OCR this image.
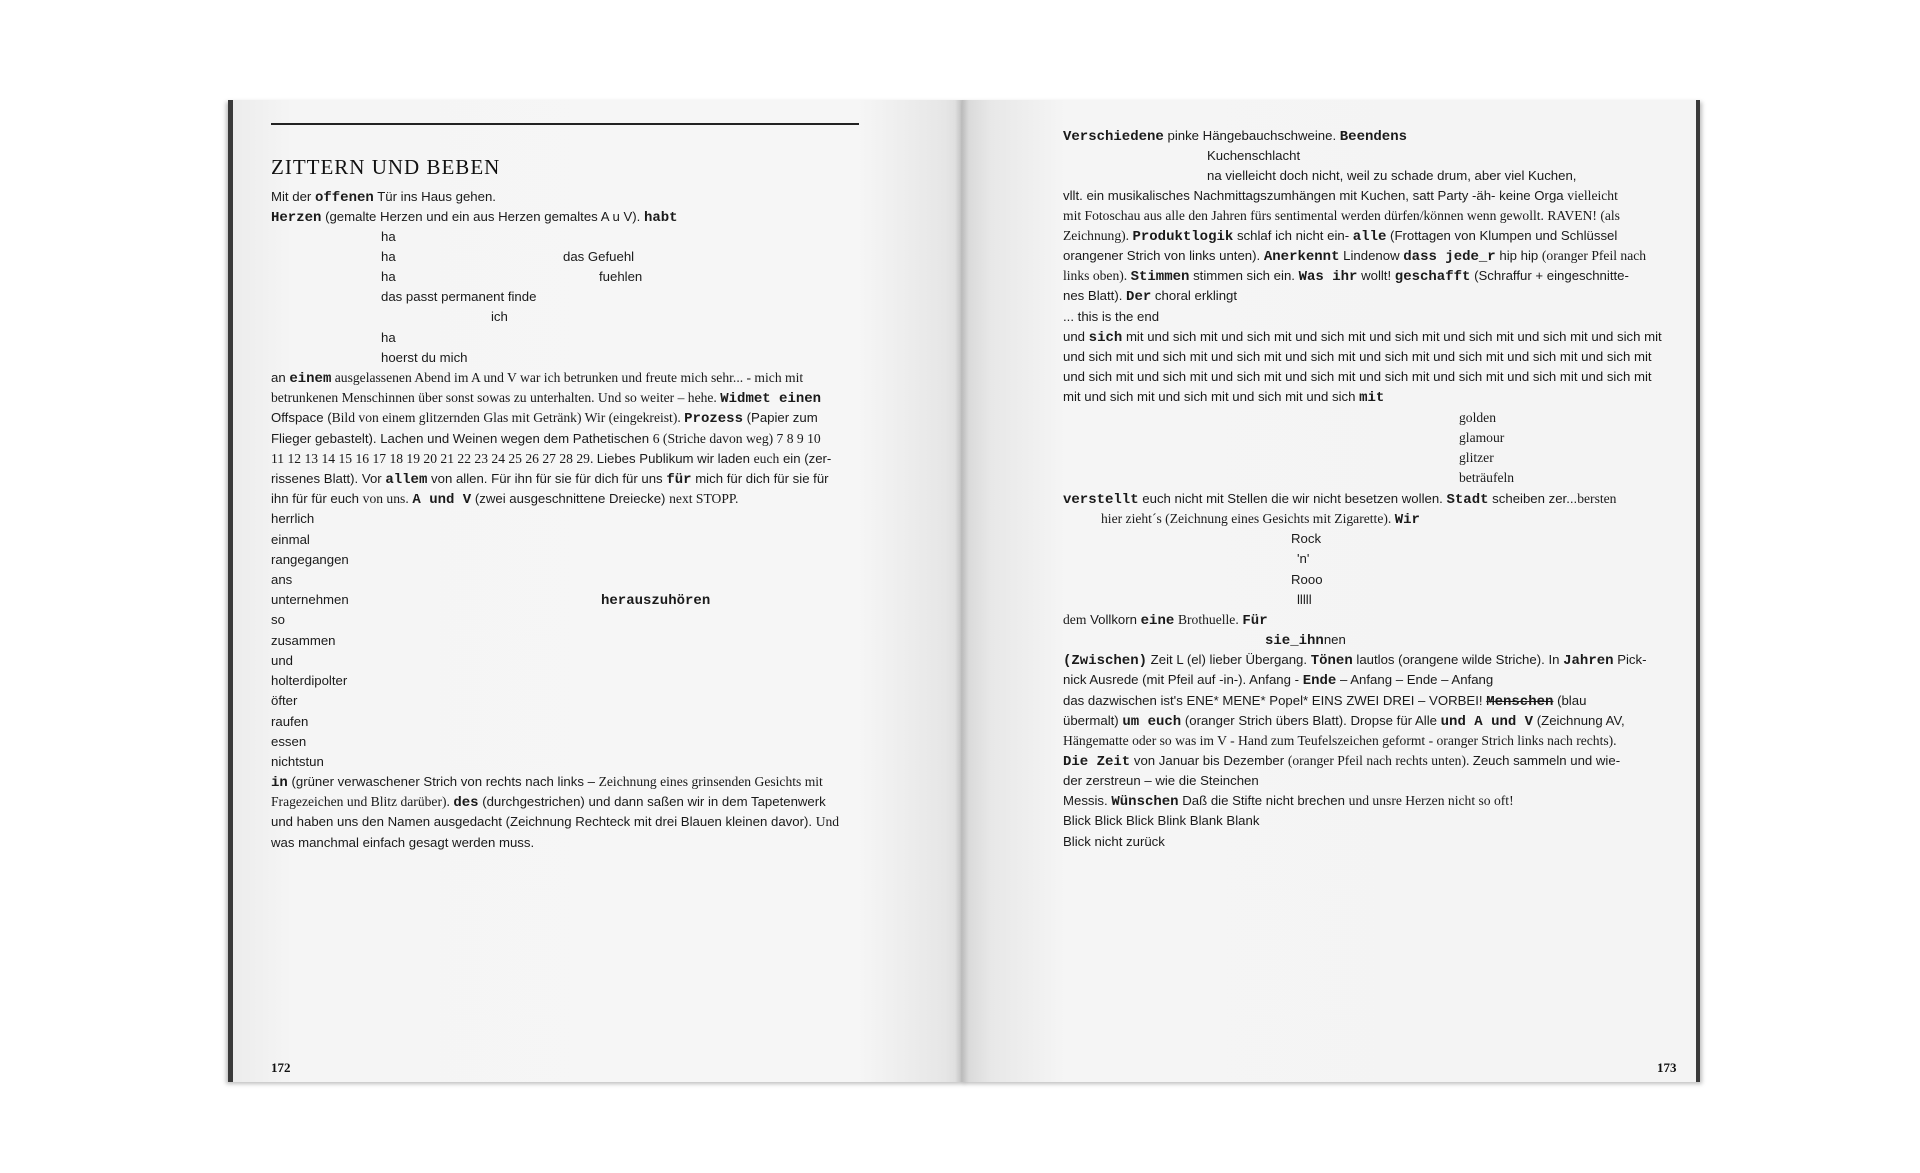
ZITTERN UND BEBEN
Mit der offenen Tür ins Haus gehen.
Herzen (gemalte Herzen und ein aus Herzen gemaltes A u V). habt
ha
ha	das Gefuehl
ha	fuehlen
das passt permanent finde
ich
ha
hoerst du mich
an einem ausgelassenen Abend im A und V war ich betrunken und freute mich sehr... - mich mit
betrunkenen Menschinnen über sonst sowas zu unterhalten. Und so weiter – hehe. Widmet einen
Offspace (Bild von einem glitzernden Glas mit Getränk) Wir (eingekreist). Prozess (Papier zum
Flieger gebastelt). Lachen und Weinen wegen dem Pathetischen 6 (Striche davon weg) 7 8 9 10
11 12 13 14 15 16 17 18 19 20 21 22 23 24 25 26 27 28 29. Liebes Publikum wir laden euch ein (zer-
rissenes Blatt). Vor allem von allen. Für ihn für sie für dich für uns für mich für dich für sie für
ihn für für euch von uns. A und V (zwei ausgeschnittene Dreiecke) next STOPP.
herrlich
einmal
rangegangen
ans
unternehmen	herauszuhören
so
zusammen
und
holterdipolter
öfter
raufen
essen
nichtstun
in (grüner verwaschener Strich von rechts nach links – Zeichnung eines grinsenden Gesichts mit
Fragezeichen und Blitz darüber). des (durchgestrichen) und dann saßen wir in dem Tapetenwerk
und haben uns den Namen ausgedacht (Zeichnung Rechteck mit drei Blauen kleinen davor). Und
was manchmal einfach gesagt werden muss.
172
Verschiedene pinke Hängebauchschweine. Beendens
Kuchenschlacht
na vielleicht doch nicht, weil zu schade drum, aber viel Kuchen,
vllt. ein musikalisches Nachmittagszumhängen mit Kuchen, satt Party -äh- keine Orga vielleicht
mit Fotoschau aus alle den Jahren fürs sentimental werden dürfen/können wenn gewollt. RAVEN! (als
Zeichnung). Produktlogik schlaf ich nicht ein- alle (Frottagen von Klumpen und Schlüssel
orangener Strich von links unten). Anerkennt Lindenow dass jede_r hip hip (oranger Pfeil nach
links oben). Stimmen stimmen sich ein. Was ihr wollt! geschafft (Schraffur + eingeschnitte-
nes Blatt). Der choral erklingt
... this is the end
und sich mit und sich mit und sich mit und sich mit und sich mit und sich mit und sich mit und sich mit
und sich mit und sich mit und sich mit und sich mit und sich mit und sich mit und sich mit und sich mit
und sich mit und sich mit und sich mit und sich mit und sich mit und sich mit und sich mit und sich mit
mit und sich mit und sich mit und sich mit und sich mit
golden
glamour
glitzer
beträufeln
verstellt euch nicht mit Stellen die wir nicht besetzen wollen. Stadt scheiben zer...bersten
hier zieht´s (Zeichnung eines Gesichts mit Zigarette). Wir
Rock
'n'
Rooo
lllll
dem Vollkorn eine Brothuelle. Für
sie_ihnnen
(Zwischen) Zeit L (el) lieber Übergang. Tönen lautlos (orangene wilde Striche). In Jahren Pick-
nick Ausrede (mit Pfeil auf -in-). Anfang - Ende – Anfang – Ende – Anfang
das dazwischen ist's ENE* MENE* Popel* EINS ZWEI DREI – VORBEI! Menschen (blau
übermalt) um euch (oranger Strich übers Blatt). Dropse für Alle und A und V (Zeichnung AV,
Hängematte oder so was im V - Hand zum Teufelszeichen geformt - oranger Strich links nach rechts).
Die Zeit von Januar bis Dezember (oranger Pfeil nach rechts unten). Zeuch sammeln und wie-
der zerstreun – wie die Steinchen
Messis. Wünschen Daß die Stifte nicht brechen und unsre Herzen nicht so oft!
Blick Blick Blick Blink Blank Blank
Blick nicht zurück
173
